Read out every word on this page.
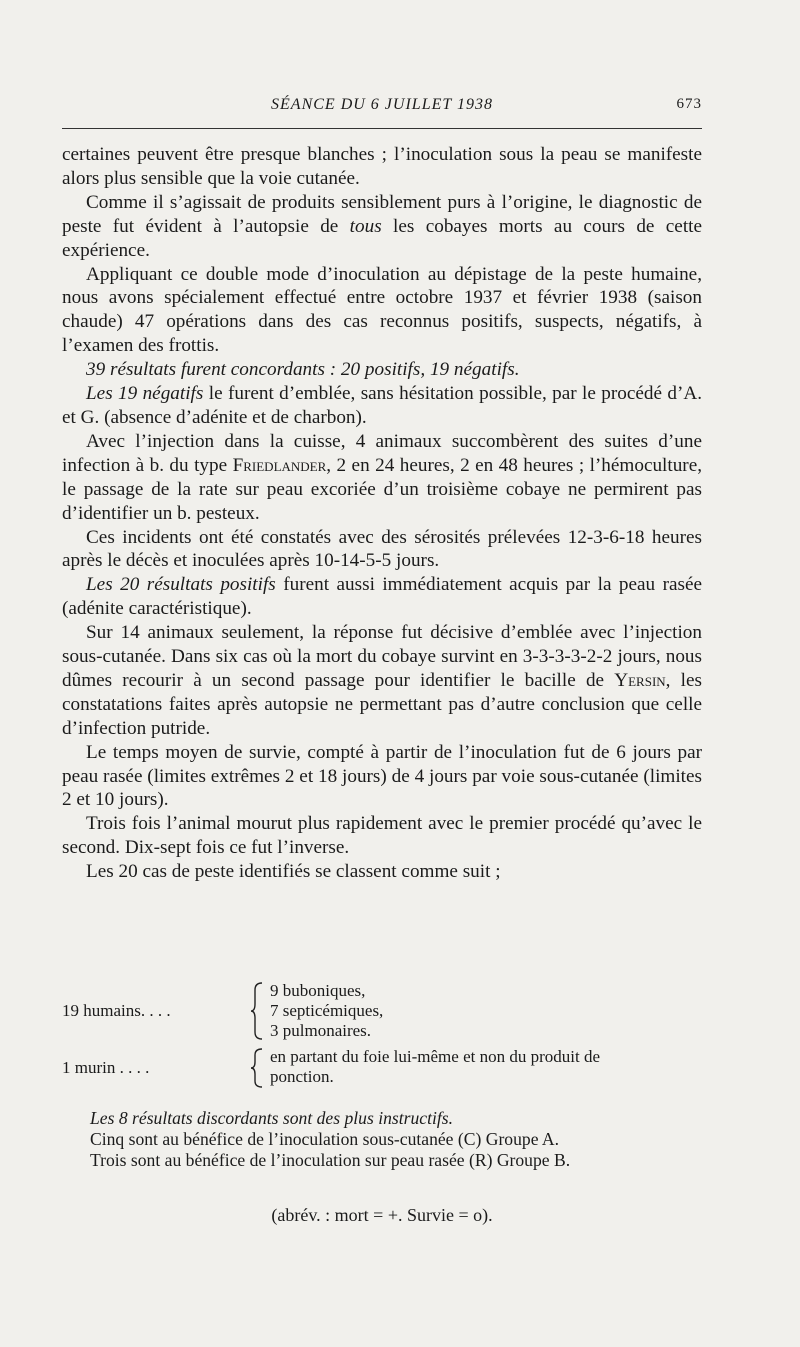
SÉANCE DU 6 JUILLET 1938	673

certaines peuvent être presque blanches ; l’inoculation sous la peau se manifeste alors plus sensible que la voie cutanée.

Comme il s’agissait de produits sensiblement purs à l’origine, le diagnostic de peste fut évident à l’autopsie de tous les cobayes morts au cours de cette expérience.

Appliquant ce double mode d’inoculation au dépistage de la peste humaine, nous avons spécialement effectué entre octobre 1937 et février 1938 (saison chaude) 47 opérations dans des cas reconnus positifs, suspects, négatifs, à l’examen des frottis.

39 résultats furent concordants : 20 positifs, 19 négatifs.

Les 19 négatifs le furent d’emblée, sans hésitation possible, par le procédé d’A. et G. (absence d’adénite et de charbon).

Avec l’injection dans la cuisse, 4 animaux succombèrent des suites d’une infection à b. du type Friedlander, 2 en 24 heures, 2 en 48 heures ; l’hémoculture, le passage de la rate sur peau excoriée d’un troisième cobaye ne permirent pas d’identifier un b. pesteux.

Ces incidents ont été constatés avec des sérosités prélevées 12-3-6-18 heures après le décès et inoculées après 10-14-5-5 jours.

Les 20 résultats positifs furent aussi immédiatement acquis par la peau rasée (adénite caractéristique).

Sur 14 animaux seulement, la réponse fut décisive d’emblée avec l’injection sous-cutanée. Dans six cas où la mort du cobaye survint en 3-3-3-3-2-2 jours, nous dûmes recourir à un second passage pour identifier le bacille de Yersin, les constatations faites après autopsie ne permettant pas d’autre conclusion que celle d’infection putride.

Le temps moyen de survie, compté à partir de l’inoculation fut de 6 jours par peau rasée (limites extrêmes 2 et 18 jours) de 4 jours par voie sous-cutanée (limites 2 et 10 jours).

Trois fois l’animal mourut plus rapidement avec le premier procédé qu’avec le second. Dix-sept fois ce fut l’inverse.

Les 20 cas de peste identifiés se classent comme suit ;

19 humains. . . .
9 buboniques,
7 septicémiques,
3 pulmonaires.
1 murin . . . .
en partant du foie lui-même et non du produit de
ponction.
Les 8 résultats discordants sont des plus instructifs.
Cinq sont au bénéfice de l’inoculation sous-cutanée (C) Groupe A.
Trois sont au bénéfice de l’inoculation sur peau rasée (R) Groupe B.
(abrév. : mort = +. Survie = o).
